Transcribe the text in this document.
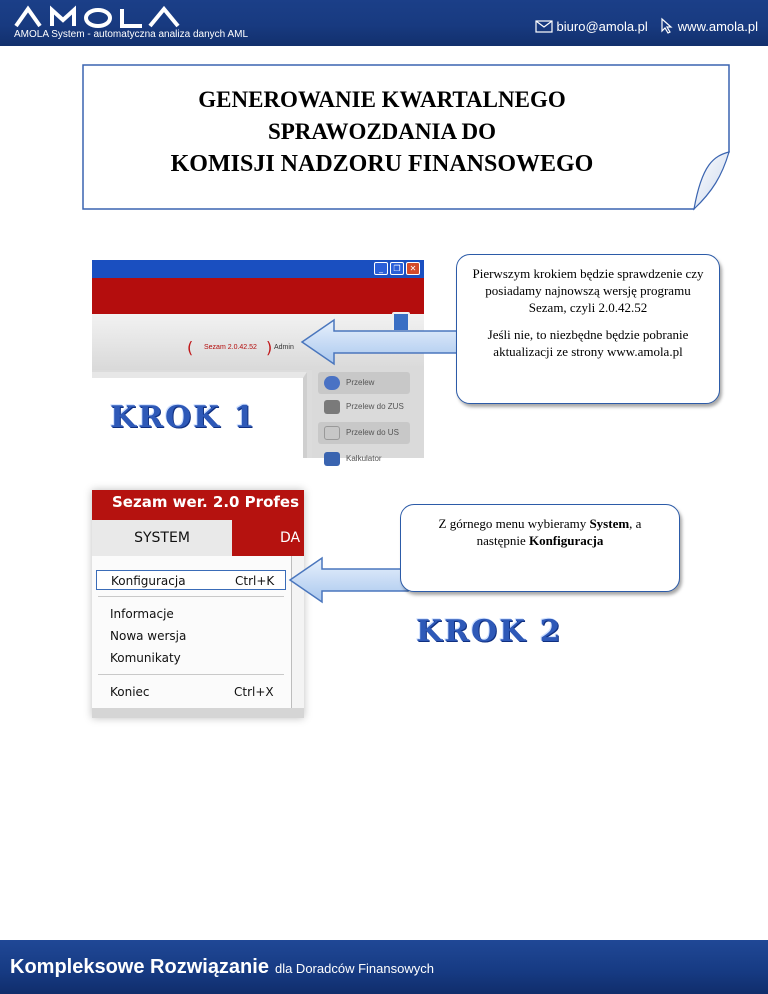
AMOLA System - automatyczna analiza danych AML
biuro@amola.pl www.amola.pl
GENEROWANIE KWARTALNEGO
SPRAWOZDANIA DO
KOMISJI NADZORU FINANSOWEGO
_	❐	✕
( Sezam 2.0.42.52 ) Admin
Przelew
Przelew do ZUS
Przelew do US
Kalkulator
KROK 1

Pierwszym krokiem będzie sprawdzenie czy posiadamy najnowszą wersję programu Sezam, czyli 2.0.42.52

Jeśli nie, to niezbędne będzie pobranie aktualizacji ze strony www.amola.pl

Sezam wer. 2.0 Profes
SYSTEM	DA
Konfiguracja	Ctrl+K
Informacje
Nowa wersja
Komunikaty
Koniec	Ctrl+X
Z górnego menu wybieramy System, a następnie Konfiguracja
KROK 2
Kompleksowe Rozwiązanie dla Doradców Finansowych
